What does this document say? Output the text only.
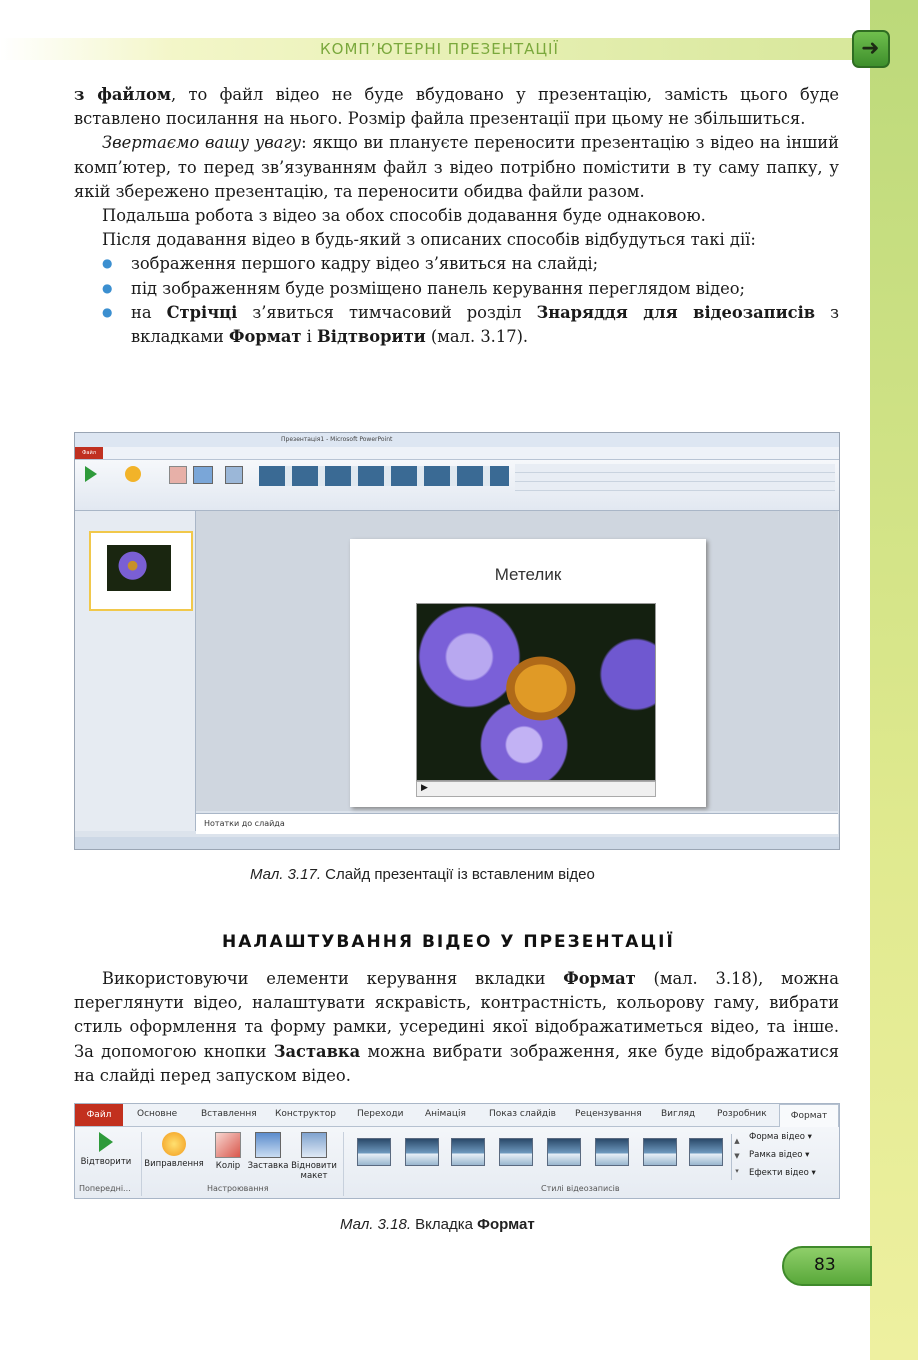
КОМП’ЮТЕРНІ ПРЕЗЕНТАЦІЇ	➜

з файлом, то файл відео не буде вбудовано у презентацію, замість цього буде вставлено посилання на нього. Розмір файла презентації при цьому не збільшиться.

Звертаємо вашу увагу: якщо ви плануєте переносити презентацію з відео на інший комп’ютер, то перед зв’язуванням файл з відео потрібно помістити в ту саму папку, у якій збережено презентацію, та переносити обидва файли разом.

Подальша робота з відео за обох способів додавання буде однаковою.

Після додавання відео в будь-який з описаних способів відбудуться такі дії:

● зображення першого кадру відео з’явиться на слайді;
● під зображенням буде розміщено панель керування переглядом відео;
● на Стрічці з’явиться тимчасовий розділ Знаряддя для відеозаписів з вкладками Формат і Відтворити (мал. 3.17).
Презентація1 - Microsoft PowerPoint
Файл
Метелик
▶
Нотатки до слайда
Мал. 3.17. Слайд презентації із вставленим відео
НАЛАШТУВАННЯ ВІДЕО У ПРЕЗЕНТАЦІЇ

Використовуючи елементи керування вкладки Формат (мал. 3.18), можна переглянути відео, налаштувати яскравість, контрастність, кольорову гаму, вибрати стиль оформлення та форму рамки, усередині якої відображатиметься відео, та інше. За допомогою кнопки Заставка можна вибрати зображення, яке буде відображатися на слайді перед запуском відео.

Файл	Основне	Вставлення Конструктор Переходи Анімація	Показ слайдів Рецензування Вигляд Розробник	Формат
Відтворити	Виправлення	Колір Заставка Відновити макет
▲
▼
▾
Форма відео ▾
Рамка відео ▾
Ефекти відео ▾
Попередні...	Настроювання	Стилі відеозаписів
Мал. 3.18. Вкладка Формат
83
